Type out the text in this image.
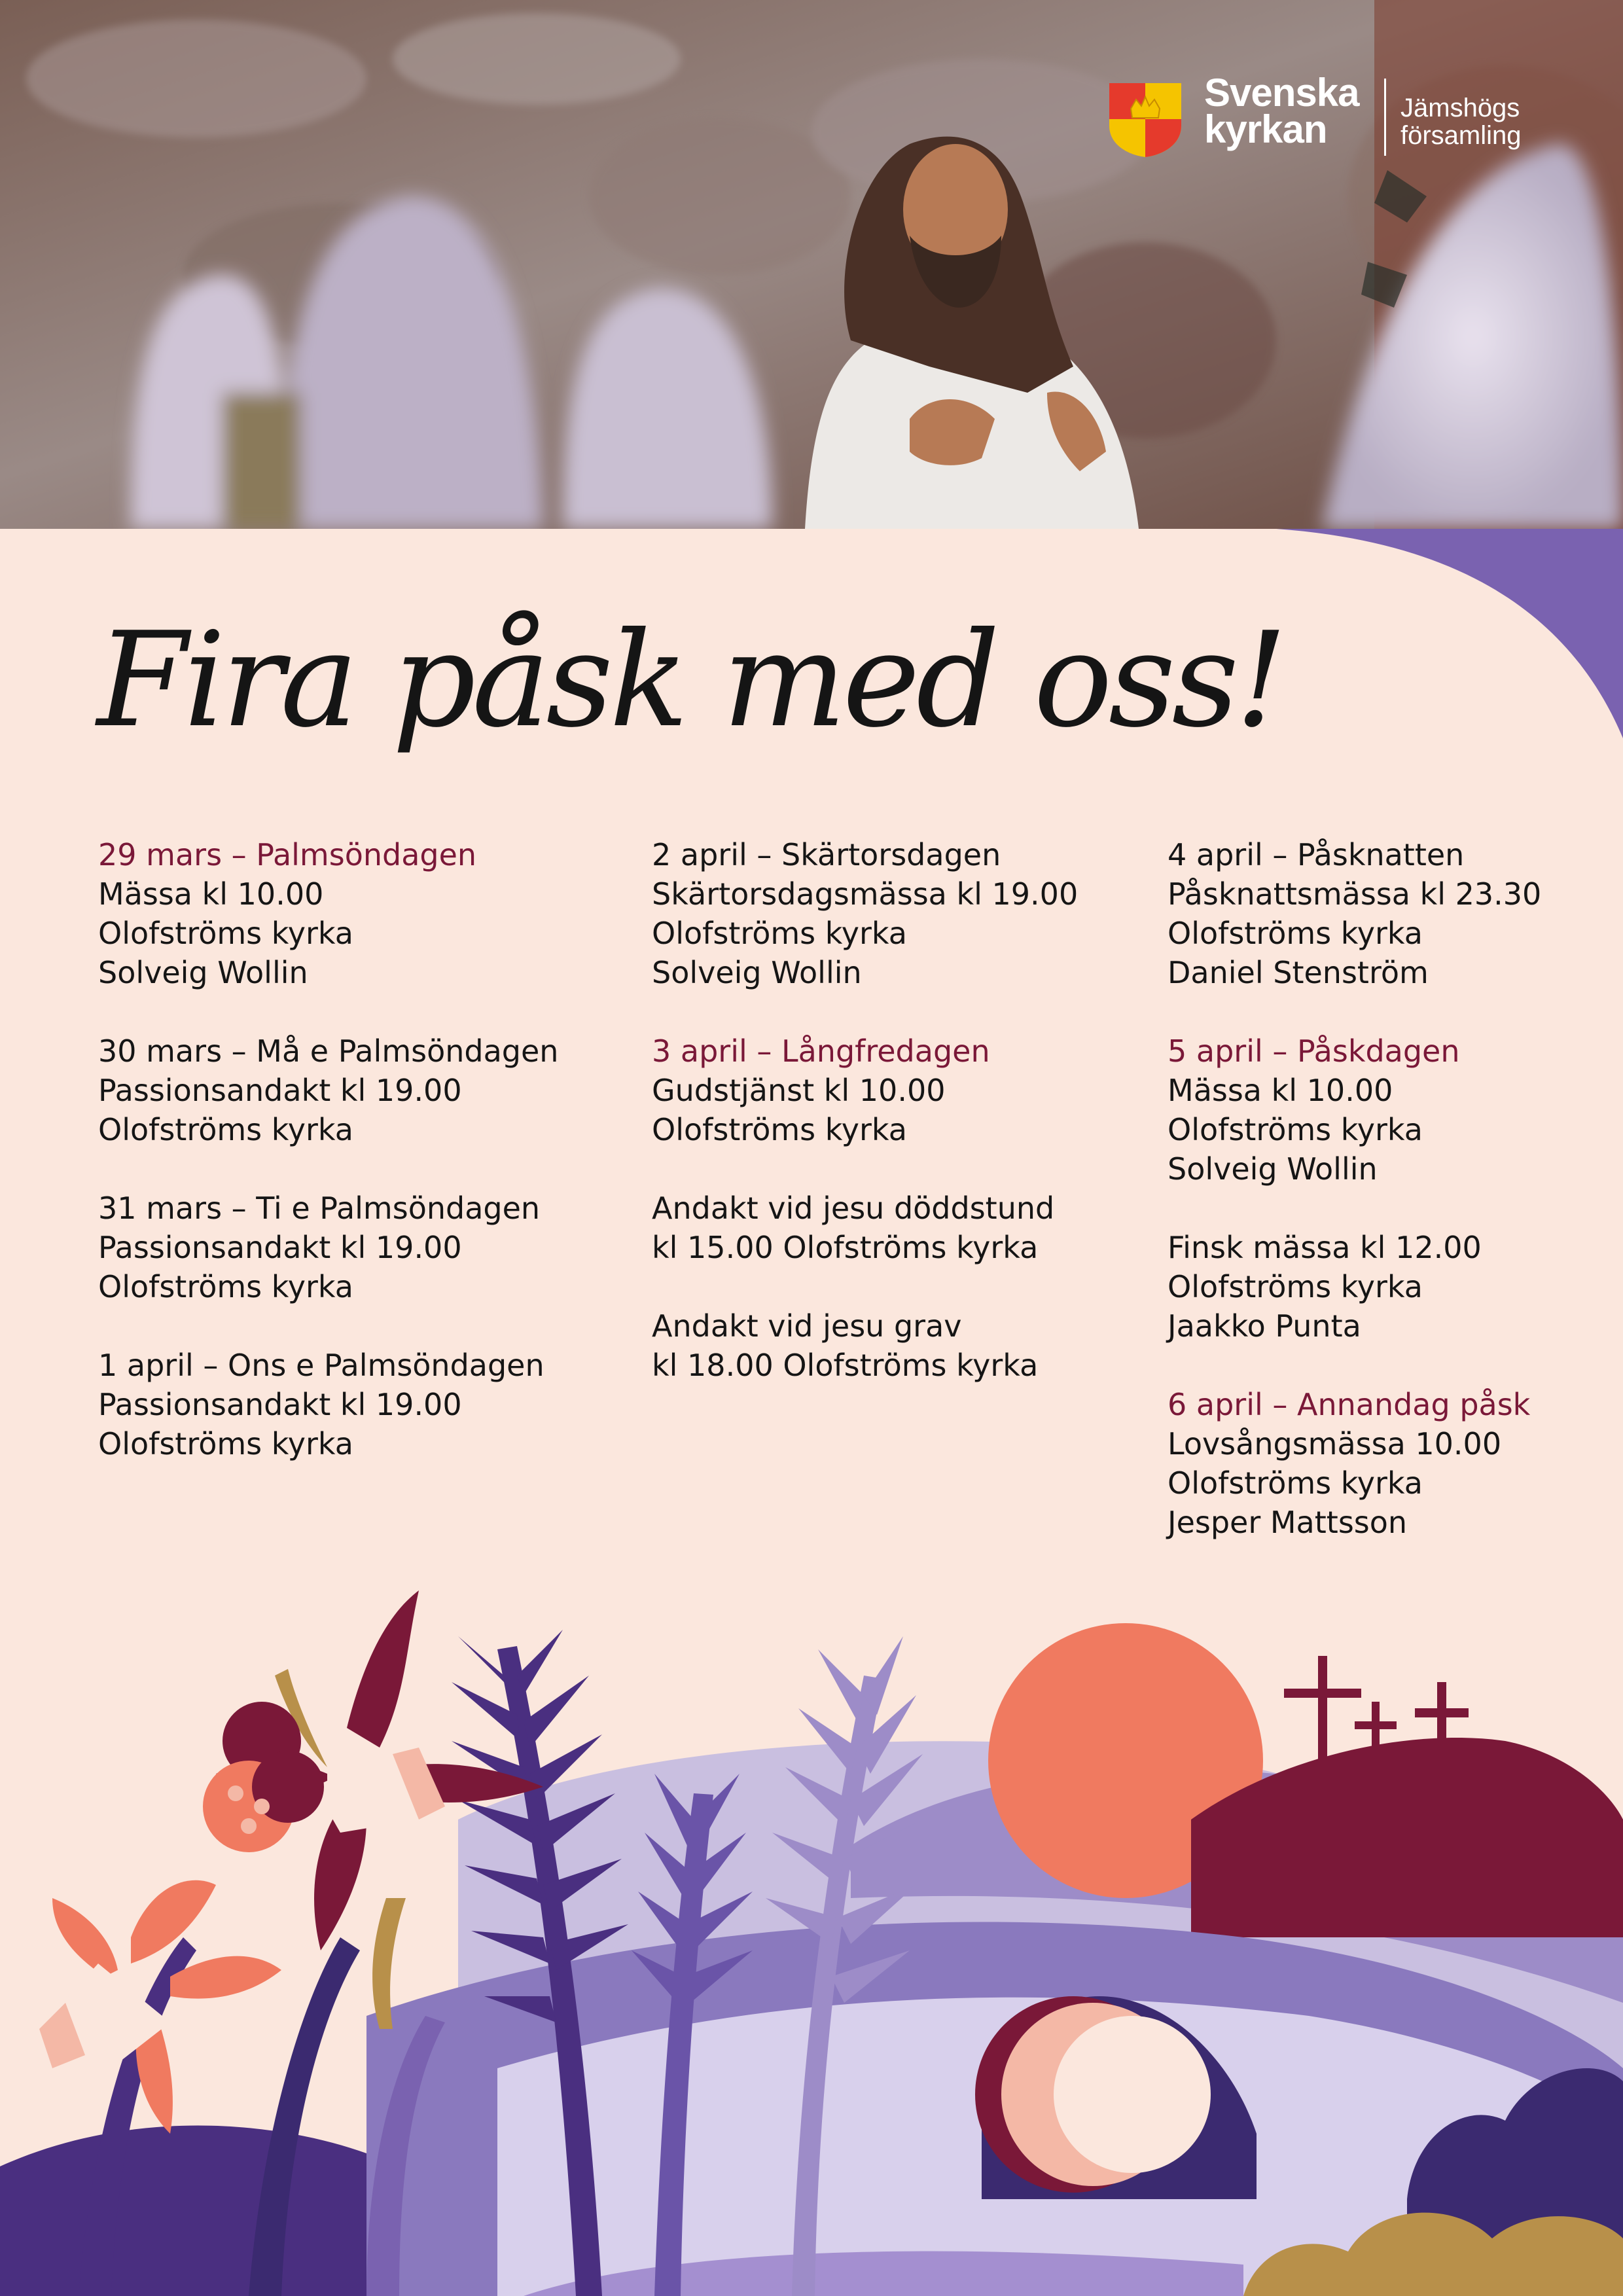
Svenska
kyrkan	Jämshögs
församling
Fira påsk med oss!

29 mars – Palmsöndagen

Mässa kl 10.00

Olofströms kyrka

Solveig Wollin

30 mars – Må e Palmsöndagen

Passionsandakt kl 19.00

Olofströms kyrka

31 mars – Ti e Palmsöndagen

Passionsandakt kl 19.00

Olofströms kyrka

1 april – Ons e Palmsöndagen

Passionsandakt kl 19.00

Olofströms kyrka

2 april – Skärtorsdagen

Skärtorsdagsmässa kl 19.00

Olofströms kyrka

Solveig Wollin

3 april – Långfredagen

Gudstjänst kl 10.00

Olofströms kyrka

Andakt vid jesu döddstund

kl 15.00 Olofströms kyrka

Andakt vid jesu grav

kl 18.00 Olofströms kyrka

4 april – Påsknatten

Påsknattsmässa kl 23.30

Olofströms kyrka

Daniel Stenström

5 april – Påskdagen

Mässa kl 10.00

Olofströms kyrka

Solveig Wollin

Finsk mässa kl 12.00

Olofströms kyrka

Jaakko Punta

6 april – Annandag påsk

Lovsångsmässa 10.00

Olofströms kyrka

Jesper Mattsson
